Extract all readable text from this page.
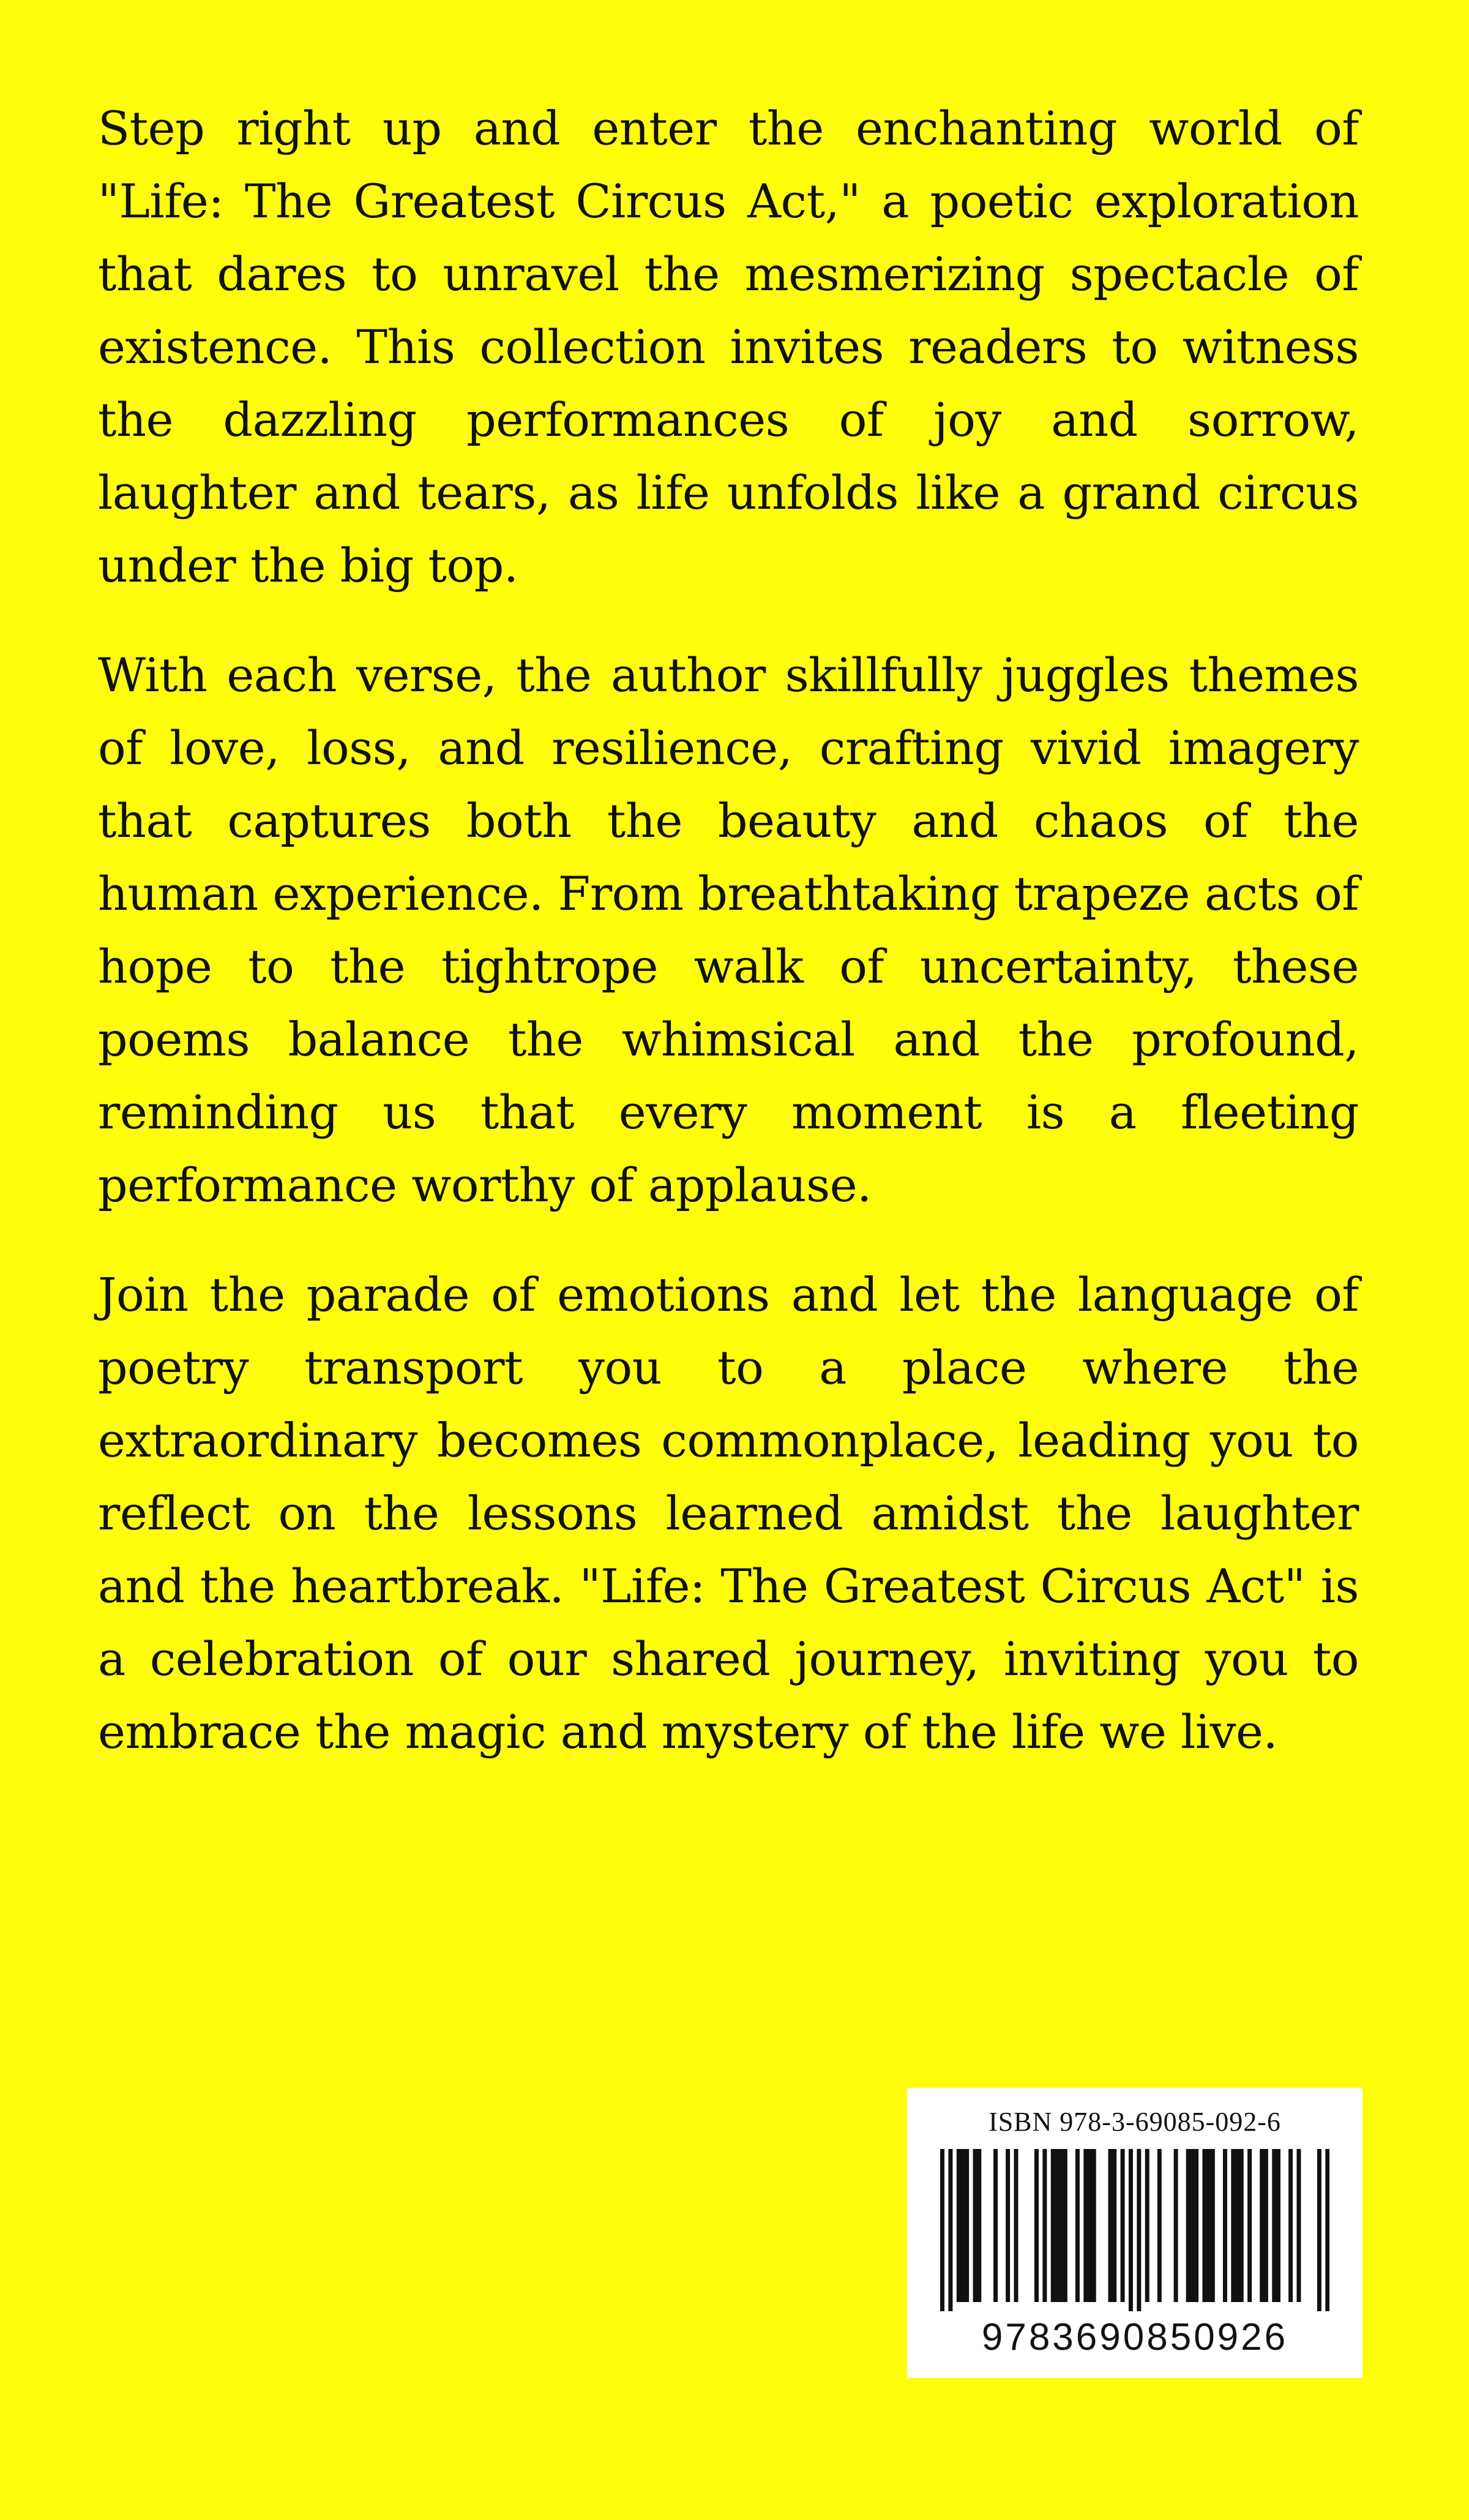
Step right up and enter the enchanting world of "Life: The Greatest Circus Act," a poetic exploration that dares to unravel the mesmerizing spectacle of existence. This collection invites readers to witness the dazzling performances of joy and sorrow, laughter and tears, as life unfolds like a grand circus under the big top.

With each verse, the author skillfully juggles themes of love, loss, and resilience, crafting vivid imagery that captures both the beauty and chaos of the human experience. From breathtaking trapeze acts of hope to the tightrope walk of uncertainty, these poems balance the whimsical and the profound, reminding us that every moment is a fleeting performance worthy of applause.

Join the parade of emotions and let the language of poetry transport you to a place where the extraordinary becomes commonplace, leading you to reflect on the lessons learned amidst the laughter and the heartbreak. "Life: The Greatest Circus Act" is a celebration of our shared journey, inviting you to embrace the magic and mystery of the life we live.

ISBN 978-3-69085-092-6
9783690850926
